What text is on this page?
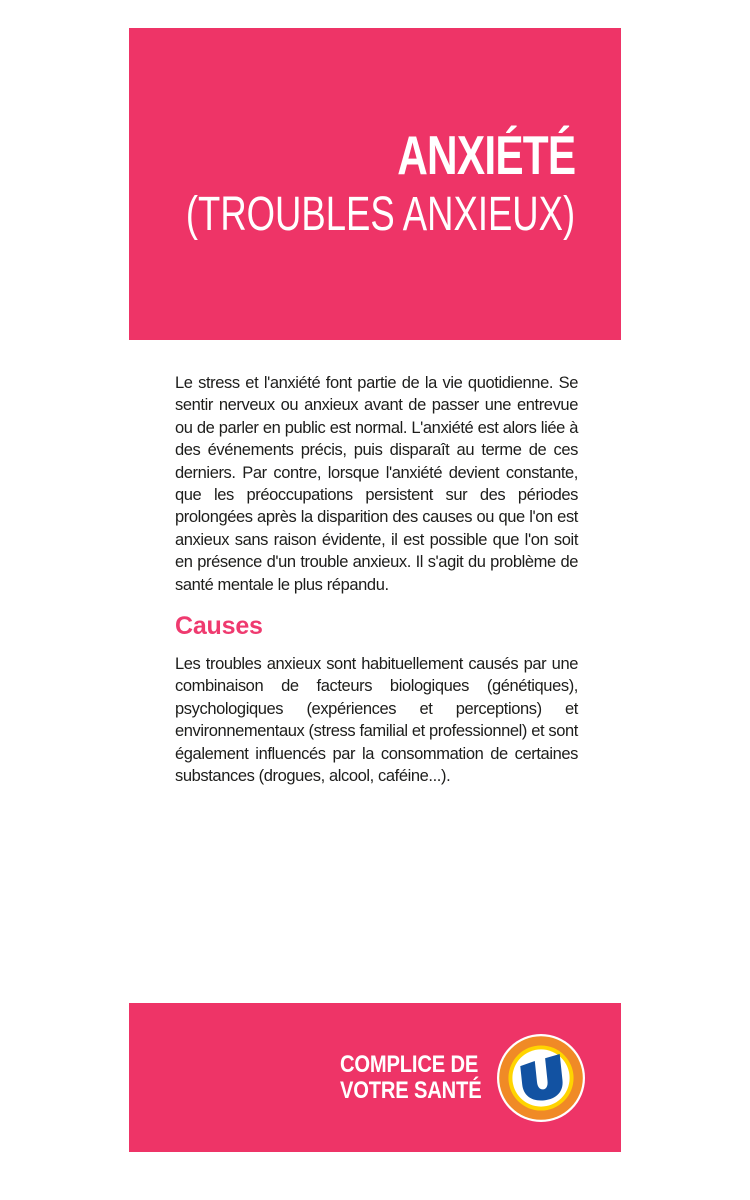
ANXIÉTÉ
(TROUBLES ANXIEUX)

Le stress et l'anxiété font partie de la vie quotidienne. Se sentir nerveux ou anxieux avant de passer une entrevue ou de parler en public est normal. L'anxiété est alors liée à des événements précis, puis disparaît au terme de ces derniers. Par contre, lorsque l'anxiété devient constante, que les préoccupations persistent sur des périodes prolongées après la disparition des causes ou que l'on est anxieux sans raison évidente, il est possible que l'on soit en présence d'un trouble anxieux. Il s'agit du problème de santé mentale le plus répandu.

Causes

Les troubles anxieux sont habituellement causés par une combinaison de facteurs biologiques (génétiques), psychologiques (expériences et perceptions) et environnementaux (stress familial et professionnel) et sont également influencés par la consommation de certaines substances (drogues, alcool, caféine...).

COMPLICE DE
VOTRE SANTÉ
